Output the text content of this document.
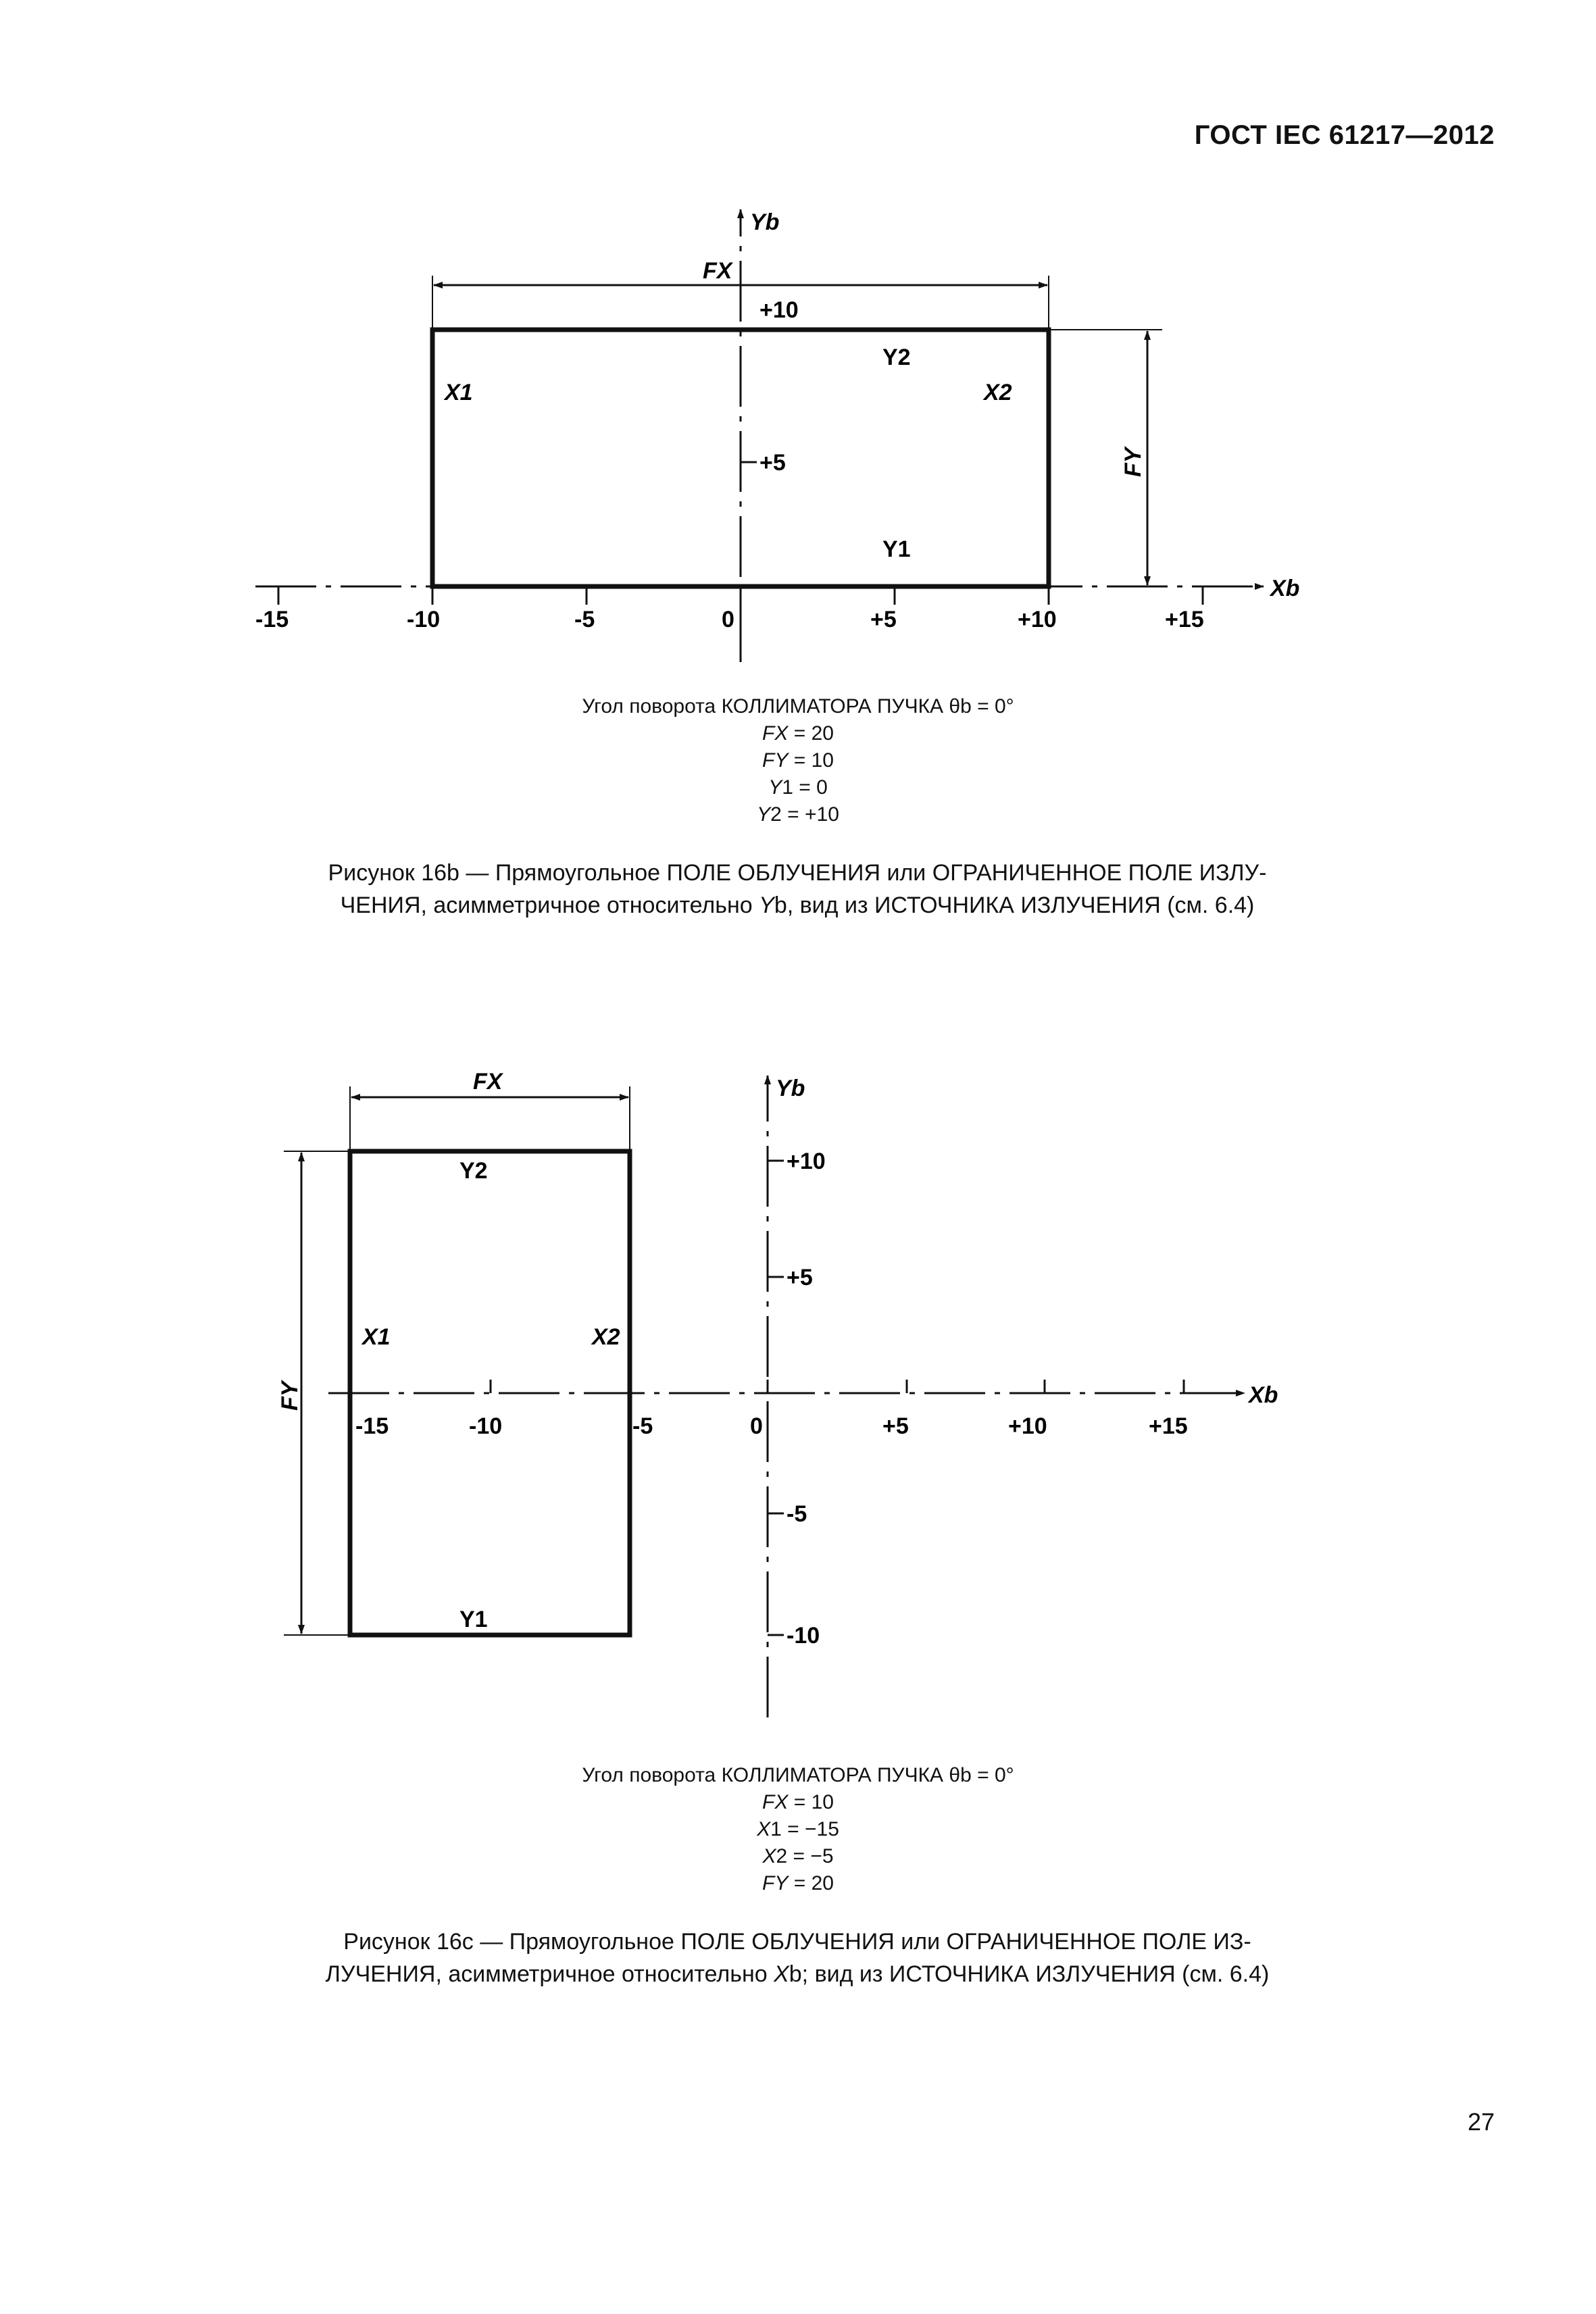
ГОСТ IEC 61217—2012
Yb
Xb
FX
FY
+10
+5
Y2
Y1
X1	X2
-15	-10	-5	0	+5	+10	+15
Угол поворота КОЛЛИМАТОРА ПУЧКА θb = 0°
FX = 20
FY = 10
Y1 = 0
Y2 = +10
Рисунок 16b — Прямоугольное ПОЛЕ ОБЛУЧЕНИЯ или ОГРАНИЧЕННОЕ ПОЛЕ ИЗЛУ-
ЧЕНИЯ, асимметричное относительно Yb, вид из ИСТОЧНИКА ИЗЛУЧЕНИЯ (см. 6.4)
Yb
Xb
FX
FY
Y2
Y1
X1	X2
+10
+5
-5
-10
-15	-10	-5	0	+5	+10	+15
Угол поворота КОЛЛИМАТОРА ПУЧКА θb = 0°
FX = 10
X1 = −15
X2 = −5
FY = 20
Рисунок 16c — Прямоугольное ПОЛЕ ОБЛУЧЕНИЯ или ОГРАНИЧЕННОЕ ПОЛЕ ИЗ-
ЛУЧЕНИЯ, асимметричное относительно Xb; вид из ИСТОЧНИКА ИЗЛУЧЕНИЯ (см. 6.4)
27
